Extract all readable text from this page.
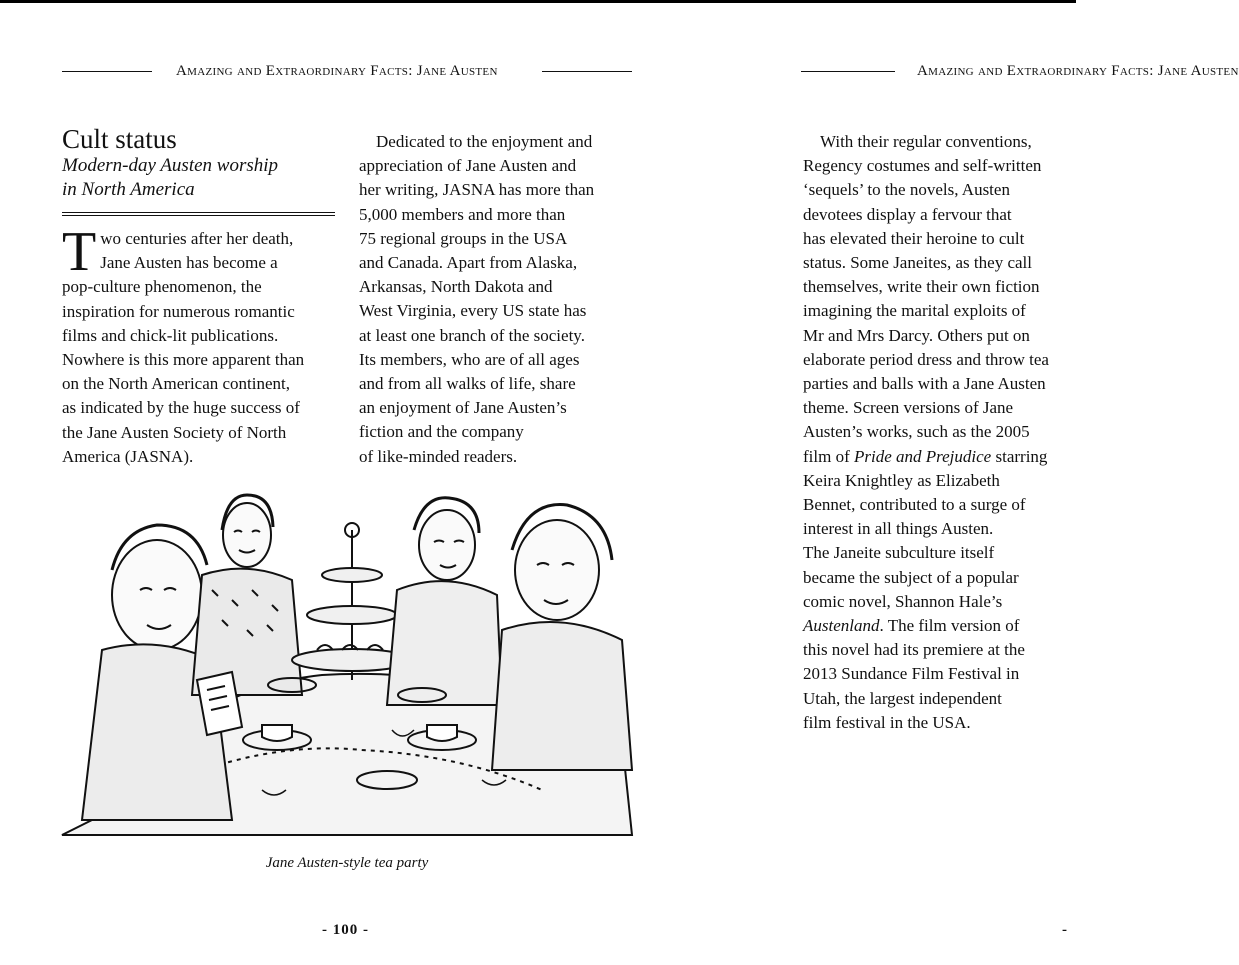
Amazing and Extraordinary Facts: Jane Austen
Cult status
Modern-day Austen worship
in North America
T wo centuries after her death,
Jane Austen has become a
pop-culture phenomenon, the
inspiration for numerous romantic
films and chick-lit publications.
Nowhere is this more apparent than
on the North American continent,
as indicated by the huge success of
the Jane Austen Society of North
America (JASNA).
Dedicated to the enjoyment and
appreciation of Jane Austen and
her writing, JASNA has more than
5,000 members and more than
75 regional groups in the USA
and Canada. Apart from Alaska,
Arkansas, North Dakota and
West Virginia, every US state has
at least one branch of the society.
Its members, who are of all ages
and from all walks of life, share
an enjoyment of Jane Austen’s
fiction and the company
of like-minded readers.
Jane Austen-style tea party
- 100 -
Amazing and Extraordinary Facts: Jane Austen
With their regular conventions,
Regency costumes and self-written
‘sequels’ to the novels, Austen
devotees display a fervour that
has elevated their heroine to cult
status. Some Janeites, as they call
themselves, write their own fiction
imagining the marital exploits of
Mr and Mrs Darcy. Others put on
elaborate period dress and throw tea
parties and balls with a Jane Austen
theme. Screen versions of Jane
Austen’s works, such as the 2005
film of Pride and Prejudice starring
Keira Knightley as Elizabeth
Bennet, contributed to a surge of
interest in all things Austen.
The Janeite subculture itself
became the subject of a popular
comic novel, Shannon Hale’s
Austenland. The film version of
this novel had its premiere at the
2013 Sundance Film Festival in
Utah, the largest independent
film festival in the USA.
-
